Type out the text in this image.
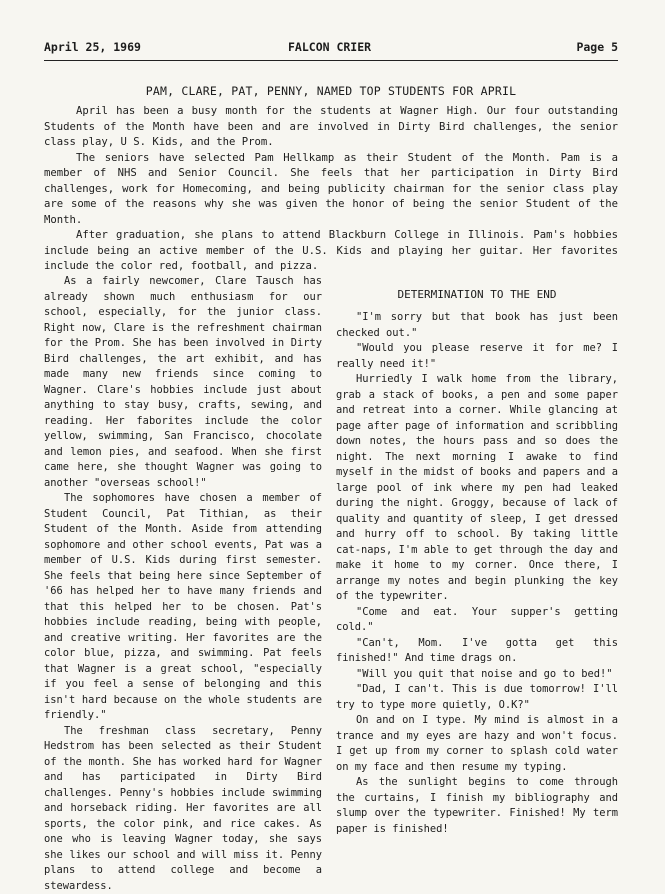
April 25, 1969	FALCON CRIER	Page 5
PAM, CLARE, PAT, PENNY, NAMED TOP STUDENTS FOR APRIL

April has been a busy month for the students at Wagner High. Our four outstanding Students of the Month have been and are involved in Dirty Bird challenges, the senior class play, U S. Kids, and the Prom.

The seniors have selected Pam Hellkamp as their Student of the Month. Pam is a member of NHS and Senior Council. She feels that her participation in Dirty Bird challenges, work for Homecoming, and being publicity chairman for the senior class play are some of the reasons why she was given the honor of being the senior Student of the Month.

After graduation, she plans to attend Blackburn College in Illinois. Pam's hobbies include being an active member of the U.S. Kids and playing her guitar. Her favorites include the color red, football, and pizza.

As a fairly newcomer, Clare Tausch has already shown much enthusiasm for our school, especially, for the junior class. Right now, Clare is the refreshment chairman for the Prom. She has been involved in Dirty Bird challenges, the art exhibit, and has made many new friends since coming to Wagner. Clare's hobbies include just about anything to stay busy, crafts, sewing, and reading. Her faborites include the color yellow, swimming, San Francisco, chocolate and lemon pies, and seafood. When she first came here, she thought Wagner was going to another "overseas school!"

The sophomores have chosen a member of Student Council, Pat Tithian, as their Student of the Month. Aside from attending sophomore and other school events, Pat was a member of U.S. Kids during first semester. She feels that being here since September of '66 has helped her to have many friends and that this helped her to be chosen. Pat's hobbies include reading, being with people, and creative writing. Her favorites are the color blue, pizza, and swimming. Pat feels that Wagner is a great school, "especially if you feel a sense of belonging and this isn't hard because on the whole students are friendly."

The freshman class secretary, Penny Hedstrom has been selected as their Student of the month. She has worked hard for Wagner and has participated in Dirty Bird challenges. Penny's hobbies include swimming and horseback riding. Her favorites are all sports, the color pink, and rice cakes. As one who is leaving Wagner today, she says she likes our school and will miss it. Penny plans to attend college and become a stewardess.

DETERMINATION TO THE END

"I'm sorry but that book has just been checked out."

"Would you please reserve it for me? I really need it!"

Hurriedly I walk home from the library, grab a stack of books, a pen and some paper and retreat into a corner. While glancing at page after page of information and scribbling down notes, the hours pass and so does the night. The next morning I awake to find myself in the midst of books and papers and a large pool of ink where my pen had leaked during the night. Groggy, because of lack of quality and quantity of sleep, I get dressed and hurry off to school. By taking little cat-naps, I'm able to get through the day and make it home to my corner. Once there, I arrange my notes and begin plunking the key of the typewriter.

"Come and eat. Your supper's getting cold."

"Can't, Mom. I've gotta get this finished!" And time drags on.

"Will you quit that noise and go to bed!"

"Dad, I can't. This is due tomorrow! I'll try to type more quietly, O.K?"

On and on I type. My mind is almost in a trance and my eyes are hazy and won't focus. I get up from my corner to splash cold water on my face and then resume my typing.

As the sunlight begins to come through the curtains, I finish my bibliography and slump over the typewriter. Finished! My term paper is finished!
